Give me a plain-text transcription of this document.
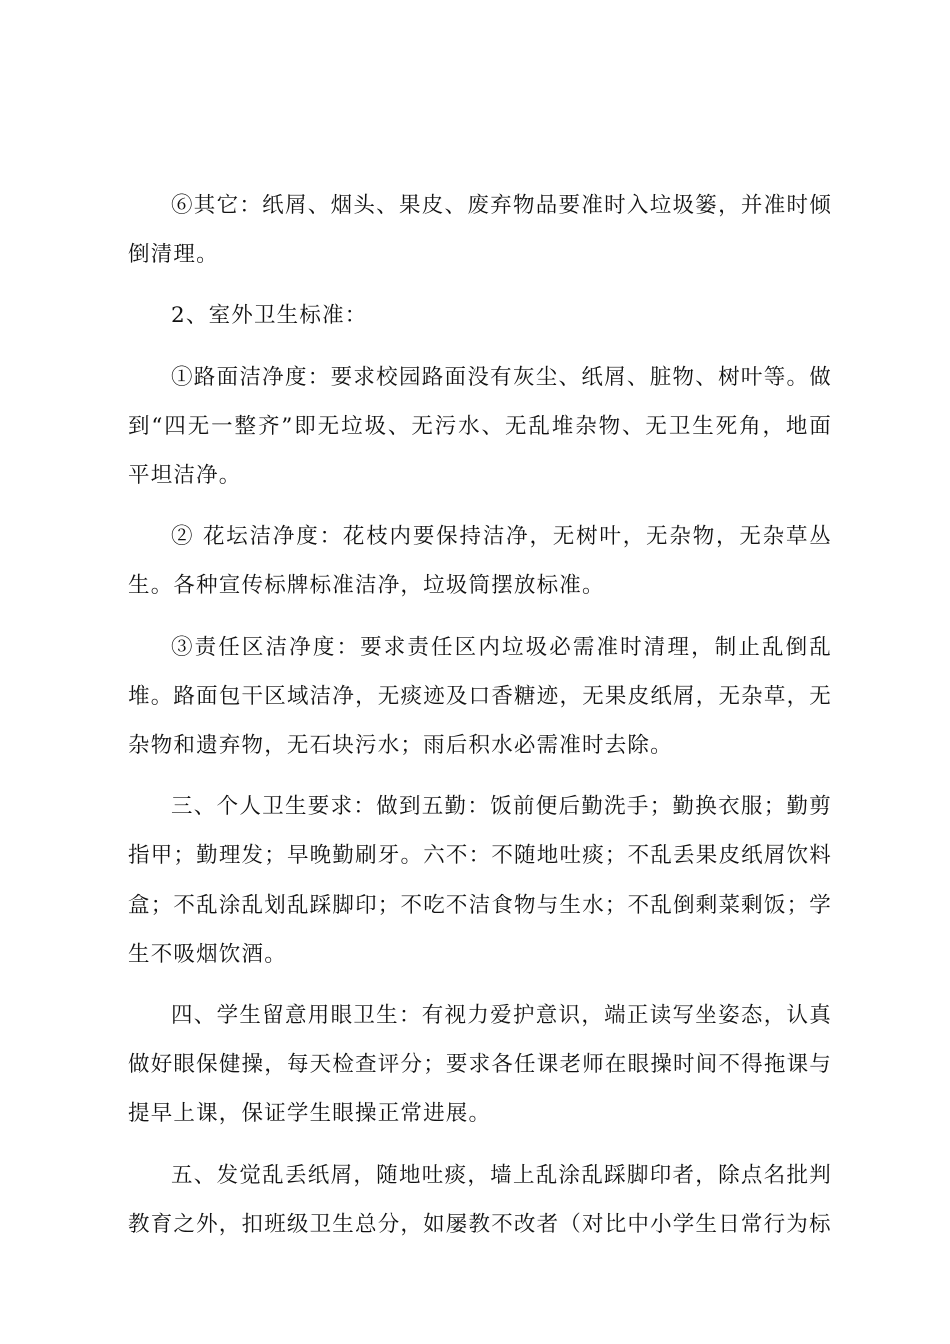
⑥其它：纸屑、烟头、果皮、废弃物品要准时入垃圾篓，并准时倾倒清理。

2、室外卫生标准：

①路面洁净度：要求校园路面没有灰尘、纸屑、脏物、树叶等。做到“四无一整齐”即无垃圾、无污水、无乱堆杂物、无卫生死角，地面平坦洁净。

② 花坛洁净度：花枝内要保持洁净，无树叶，无杂物，无杂草丛生。各种宣传标牌标准洁净，垃圾筒摆放标准。

③责任区洁净度：要求责任区内垃圾必需准时清理，制止乱倒乱堆。路面包干区域洁净，无痰迹及口香糖迹，无果皮纸屑，无杂草，无杂物和遗弃物，无石块污水；雨后积水必需准时去除。

三、个人卫生要求：做到五勤：饭前便后勤洗手；勤换衣服；勤剪指甲；勤理发；早晚勤刷牙。六不：不随地吐痰；不乱丢果皮纸屑饮料盒；不乱涂乱划乱踩脚印；不吃不洁食物与生水；不乱倒剩菜剩饭；学生不吸烟饮酒。

四、学生留意用眼卫生：有视力爱护意识，端正读写坐姿态，认真做好眼保健操，每天检查评分；要求各任课老师在眼操时间不得拖课与提早上课，保证学生眼操正常进展。

五、发觉乱丢纸屑，随地吐痰，墙上乱涂乱踩脚印者，除点名批判教育之外，扣班级卫生总分，如屡教不改者（对比中小学生日常行为标
